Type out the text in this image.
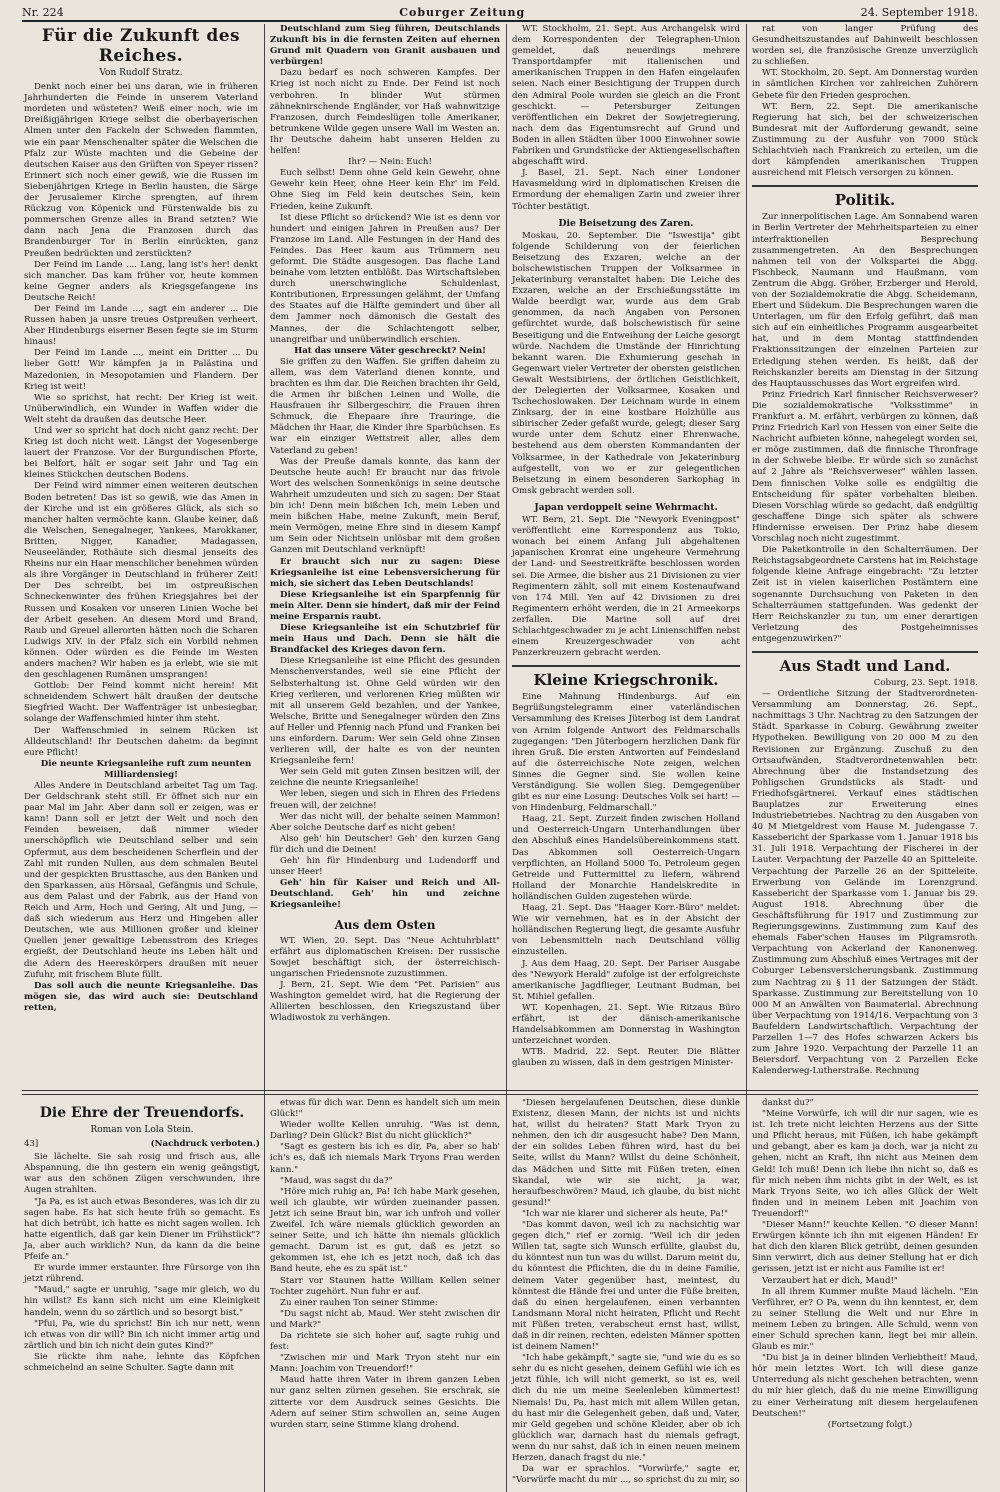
Nr. 224	Coburger Zeitung	24. September 1918.
Für die Zukunft des Reiches.
Von Rudolf Stratz.

Denkt noch einer bei uns daran, wie in früheren Jahrhunderten die Feinde in unserem Vaterland mordeten und wüsteten? Weiß einer noch, wie im Dreißigjährigen Kriege selbst die oberbayerischen Almen unter den Fackeln der Schweden flammten, wie ein paar Menschenalter später die Welschen die Pfalz zur Wüste machten und die Gebeine der deutschen Kaiser aus den Grüften von Speyer rissen? Erinnert sich noch einer gewiß, wie die Russen im Siebenjährigen Kriege in Berlin hausten, die Särge der Jerusalemer Kirche sprengten, auf ihrem Rückzug von Köpenick und Fürstenwalde bis zu pommerschen Grenze alles in Brand setzten? Wie dann nach Jena die Franzosen durch das Brandenburger Tor in Berlin einrückten, ganz Preußen bedrückten und zerstückten?

Der Feind im Lande .... Lang, lang ist's her! denkt sich mancher. Das kam früher vor, heute kommen keine Gegner anders als Kriegsgefangene ins Deutsche Reich!

Der Feind im Lande ..., sagt ein anderer ... Die Russen haben ja unsre treues Ostpreußen verheert. Aber Hindenburgs eiserner Besen fegte sie im Sturm hinaus!

Der Feind im Lande ..., meint ein Dritter ... Du lieber Gott! Wir kämpfen ja in Palästina und Mazedonien, in Mesopotamien und Flandern. Der Krieg ist weit!

Wie so sprichst, hat recht: Der Krieg ist weit. Unüberwindlich, ein Wunder in Waffen wider die Welt steht da draußen das deutsche Heer.

Und wer so spricht hat doch nicht ganz recht: Der Krieg ist doch nicht weit. Längst der Vogesenberge lauert der Franzose. Vor der Burgundischen Pforte, bei Belfort, hält er sogar seit Jahr und Tag ein kleines Stückchen deutschen Bodens.

Der Feind wird nimmer einen weiteren deutschen Boden betreten! Das ist so gewiß, wie das Amen in der Kirche und ist ein größeres Glück, als sich so mancher halten vermöchte kann. Glaube keiner, daß die Welschen, Senegalneger, Yankees, Marokkaner, Britten, Nigger, Kanadier, Madagassen, Neuseeländer, Rothäute sich diesmal jenseits des Rheins nur ein Haar menschlicher benehmen würden als ihre Vorgänger in Deutschland in früherer Zeit! Der Des schreibt, bei im ostpreußischen Schneckenwinter des frühen Kriegsjahres bei der Russen und Kosaken vor unseren Linien Woche bei der Arbeit gesehen. An diesem Mord und Brand, Raub und Greuel allerorten hätten noch die Scharen Ludwigs XIV. in der Pfalz sich ein Vorbild nehmen können. Oder würden es die Feinde im Westen anders machen? Wir haben es ja erlebt, wie sie mit den geschlagenen Rumänen umsprangen!

Gottlob: Der Feind kommt nicht herein! Mit schneidendem Schwert hält draußen der deutsche Siegfried Wacht. Der Waffenträger ist unbesiegbar, solange der Waffenschmied hinter ihm steht.

Der Waffenschmied in seinem Rücken ist Alldeutschland! Ihr Deutschen daheim: da beginnt eure Pflicht!

Die neunte Kriegsanleihe ruft zum neunten Milliardensieg!

Alles Andere in Deutschland arbeitet Tag um Tag. Der Geldschrank steht still. Er öffnet sich nur ein paar Mal im Jahr. Aber dann soll er zeigen, was er kann! Dann soll er jetzt der Welt und noch den Feinden beweisen, daß nimmer wieder unerschöpflich wie Deutschland selber und sein Opfermut, aus dem bescheidenen Scherflein und der Zahl mit runden Nullen, aus dem schmalen Beutel und der gespickten Brusttasche, aus den Banken und den Sparkassen, aus Hörsaal, Gefängnis und Schule, aus dem Palast und der Fabrik, aus der Hand von Reich und Arm, Hoch und Gering, Alt und Jung, — daß sich wiederum aus Herz und Hingeben aller Deutschen, wie aus Millionen großer und kleiner Quellen jener gewaltige Lebensstrom des Krieges ergießt, der Deutschland heute ins Leben hält und die Adern des Heereskörpers draußen mit neuer Zufuhr, mit frischem Blute füllt.

Das soll auch die neunte Kriegsanleihe. Das mögen sie, das wird auch sie: Deutschland retten,

Deutschland zum Sieg führen, Deutschlands Zukunft bis in die fernsten Zeiten auf ehernen Grund mit Quadern von Granit ausbauen und verbürgen!

Dazu bedarf es noch schweren Kampfes. Der Krieg ist noch nicht zu Ende. Der Feind ist noch verbohren. In blinder Wut stürmen zähneknirschende Engländer, vor Haß wahnwitzige Franzosen, durch Feindeslügen tolle Amerikaner, betrunkene Wilde gegen unsere Wall im Westen an. Ihr Deutsche daheim habt unseren Helden zu helfen!

Ihr? — Nein: Euch!

Euch selbst! Denn ohne Geld kein Gewehr, ohne Gewehr kein Heer, ohne Heer kein Ehr' im Feld. Ohne Sieg im Feld kein deutsches Sein, kein Frieden, keine Zukunft.

Ist diese Pflicht so drückend? Wie ist es denn vor hundert und einigen Jahren in Preußen aus? Der Franzose im Land. Alle Festungen in der Hand des Feindes. Das Heer kaum aus Trümmern neu geformt. Die Städte ausgesogen. Das flache Land beinahe vom letzten entblößt. Das Wirtschaftsleben durch unerschwingliche Schuldenlast, Kontributionen, Erpressungen gelähmt, der Umfang des Staates auf die Hälfte gemindert und über all dem Jammer noch dämonisch die Gestalt des Mannes, der die Schlachtengott selber, unangreifbar und unüberwindlich erschien.

Hat das unsere Väter geschreckt? Nein!

Sie griffen zu den Waffen. Sie griffen daheim zu allem, was dem Vaterland dienen konnte, und brachten es ihm dar. Die Reichen brachten ihr Geld, die Armen ihr bißchen Leinen und Wolle, die Hausfrauen ihr Silbergeschirr, die Frauen ihren Schmuck, die Ehepaare ihre Trauringe, die Mädchen ihr Haar, die Kinder ihre Sparbüchsen. Es war ein einziger Wettstreit aller, alles dem Vaterland zu geben!

Was der Preuße damals konnte, das kann der Deutsche heute auch! Er braucht nur das frivole Wort des welschen Sonnenkönigs in seine deutsche Wahrheit umzudeuten und sich zu sagen: Der Staat bin ich! Denn mein bißchen Ich, mein Leben und mein bißchen Habe, meine Zukunft, mein Beruf, mein Vermögen, meine Ehre sind in diesem Kampf um Sein oder Nichtsein unlösbar mit dem großen Ganzen mit Deutschland verknüpft!

Er braucht sich nur zu sagen: Diese Kriegsanleihe ist eine Lebensversicherung für mich, sie sichert das Leben Deutschlands!

Diese Kriegsanleihe ist ein Sparpfennig für mein Alter. Denn sie hindert, daß mir der Feind meine Ersparnis raubt.

Diese Kriegsanleihe ist ein Schutzbrief für mein Haus und Dach. Denn sie hält die Brandfackel des Krieges davon fern.

Diese Kriegsanleihe ist eine Pflicht des gesunden Menschenverstandes, weil sie eine Pflicht der Selbsterhaltung ist. Ohne Geld würden wir den Krieg verlieren, und verlorenen Krieg müßten wir mit all unserem Geld bezahlen, und der Yankee, Welsche, Britte und Senegalneger würden den Zins auf Heller und Pfennig nach Pfund und Franken bei uns einfordern. Darum: Wer sein Geld ohne Zinsen verlieren will, der halte es von der neunten Kriegsanleihe fern!

Wer sein Geld mit guten Zinsen besitzen will, der zeichne die neunte Kriegsanleihe!

Wer leben, siegen und sich in Ehren des Friedens freuen will, der zeichne!

Wer das nicht will, der behalte seinen Mammon! Aber solche Deutsche darf es nicht geben!

Also geh' hin Deutscher! Geh' den kurzen Gang für dich und die Deinen!

Geh' hin für Hindenburg und Ludendorff und unser Heer!

Geh' hin für Kaiser und Reich und All-Deutschland. Geh' hin und zeichne Kriegsanleihe!

Aus dem Osten

WT. Wien, 20. Sept. Das "Neue Achtuhrblatt" erfährt aus diplomatischen Kreisen: Der russische Sowjet beschäftigt sich, der österreichisch-ungarischen Friedensnote zuzustimmen.

J. Bern, 21. Sept. Wie dem "Pet. Parisien" aus Washington gemeldet wird, hat die Regierung der Alliierten beschlossen, den Kriegszustand über Wladiwostok zu verhängen.

WT. Stockholm, 21. Sept. Aus Archangelsk wird dem Korrespondenten der Telegraphen-Union gemeldet, daß neuerdings mehrere Transportdampfer mit italienischen und amerikanischen Truppen in den Hafen eingelaufen seien. Nach einer Besichtigung der Truppen durch den Admiral Poole wurden sie gleich an die Front geschickt. — Petersburger Zeitungen veröffentlichen ein Dekret der Sowjetregierung, nach dem das Eigentumsrecht auf Grund und Boden in allen Städten über 1000 Einwohner sowie Fabriken und Grundstücke der Aktiengesellschaften abgeschafft wird.

J. Basel, 21. Sept. Nach einer Londoner Havasmeldung wird in diplomatischen Kreisen die Ermordung der ehemaligen Zarin und zweier ihrer Töchter bestätigt.

Die Beisetzung des Zaren.

Moskau, 20. September. Die "Iswestija" gibt folgende Schilderung von der feierlichen Beisetzung des Exzaren, welche an der bolschewistischen Truppen der Volksarmee in Jekaterinburg veranstaltet haben: Die Leiche des Exzaren, welche an der Erschießungsstätte im Walde beerdigt war, wurde aus dem Grab genommen, da nach Angaben von Personen gefürchtet wurde, daß bolschewistisch für seine Beseitigung und die Entweihung der Leiche gesorgt würde. Nachdem die Umstände der Hinrichtung bekannt waren. Die Exhumierung geschah in Gegenwart vieler Vertreter der obersten geistlichen Gewalt Westsibiriens, der örtlichen Geistlichkeit, der Delegierten der Volksarmee, Kosaken und Tschechoslowaken. Der Leichnam wurde in einem Zinksarg, der in eine kostbare Holzhülle aus sibirischer Zeder gefaßt wurde, gelegt; dieser Sarg wurde unter dem Schutz einer Ehrenwache, bestehend aus dem obersten Kommandanten der Volksarmee, in der Kathedrale von Jekaterinburg aufgestellt, von wo er zur gelegentlichen Beisetzung in einem besonderen Sarkophag in Omsk gebracht werden soll.

Japan verdoppelt seine Wehrmacht.

WT. Bern, 21. Sept. Die "Newyork Eveningpost" veröffentlicht eine Korrespondenz aus Tokio, wonach bei einem Anfang Juli abgehaltenen japanischen Kronrat eine ungeheure Vermehrung der Land- und Seestreitkräfte beschlossen worden sei. Die Armee, die bisher aus 21 Divisionen zu vier Regimentern zählt, soll mit einem Kostenaufwand von 174 Mill. Yen auf 42 Divisionen zu drei Regimentern erhöht werden, die in 21 Armeekorps zerfallen. Die Marine soll auf drei Schlachtgeschwader zu je acht Linienschiffen nebst einem Kreuzergeschwader von acht Panzerkreuzern gebracht werden.

Kleine Kriegschronik.

Eine Mahnung Hindenburgs. Auf ein Begrüßungstelegramm einer vaterländischen Versammlung des Kreises Jüterbog ist dem Landrat von Arnim folgende Antwort des Feldmarschalls zugegangen: "Den Jüterbogern herzlichen Dank für ihren Gruß. Die ersten Antworten auf Feindesland auf die österreichische Note zeigen, welchen Sinnes die Gegner sind. Sie wollen keine Verständigung. Sie wollen Sieg. Demgegenüber gibt es nur eine Losung: Deutsches Volk sei hart! — von Hindenburg, Feldmarschall."

Haag, 21. Sept. Zurzeit finden zwischen Holland und Oesterreich-Ungarn Unterhandlungen über den Abschluß eines Handelsübereinkommens statt. Das Abkommen soll Oesterreich-Ungarn verpflichten, an Holland 5000 To. Petroleum gegen Getreide und Futtermittel zu liefern, während Holland der Monarchie Handelskredite in holländischen Gulden zugestehen würde.

Haag, 21. Sept. Das "Haager Korr.-Büro" meldet: Wie wir vernehmen, hat es in der Absicht der holländischen Regierung liegt, die gesamte Ausfuhr von Lebensmitteln nach Deutschland völlig einzustellen.

J. Aus dem Haag, 20. Sept. Der Pariser Ausgabe des "Newyork Herald" zufolge ist der erfolgreichste amerikanische Jagdflieger, Leutnant Budman, bei St. Mihiel gefallen.

WT. Kopenhagen, 21. Sept. Wie Ritzaus Büro erfährt, ist der dänisch-amerikanische Handelsabkommen am Donnerstag in Washington unterzeichnet worden.

WTB. Madrid, 22. Sept. Reuter. Die Blätter glauben zu wissen, daß in dem gestrigen Minister-

rat von langer Prüfung des Gesundheitszustandes auf Dahinweilt beschlossen worden sei, die französische Grenze unverzüglich zu schließen.

WT. Stockholm, 20. Sept. Am Donnerstag wurden in sämtlichen Kirchen vor zahlreichen Zuhörern Gebete für den Frieden gesprochen.

WT. Bern, 22. Sept. Die amerikanische Regierung hat sich, bei der schweizerischen Bundesrat mit der Aufforderung gewandt, seine Zustimmung zu der Ausfuhr von 7000 Stück Schlachtvieh nach Frankreich zu erteilen, um die dort kämpfenden amerikanischen Truppen ausreichend mit Fleisch versorgen zu können.

Politik.

Zur innerpolitischen Lage. Am Sonnabend waren in Berlin Vertreter der Mehrheitsparteien zu einer interfraktionellen Besprechung zusammengetreten. An den Besprechungen nahmen teil von der Volkspartei die Abgg. Fischbeck, Naumann und Haußmann, vom Zentrum die Abgg. Gröber, Erzberger und Herold, von der Sozialdemokratie die Abgg. Scheidemann, Ebert und Südekum. Die Besprechungen waren die Unterlagen, um für den Erfolg geführt, daß man sich auf ein einheitliches Programm ausgearbeitet hat, und in dem Montag stattfindenden Fraktionssitzungen der einzelnen Parteien zur Erledigung stehen werden. Es heißt, daß der Reichskanzler bereits am Dienstag in der Sitzung des Hauptausschusses das Wort ergreifen wird.

Prinz Friedrich Karl finnischer Reichsverweser? Die sozialdemokratische "Volksstimme" in Frankfurt a. M. erfährt, verbürgen zu können, daß Prinz Friedrich Karl von Hessen von einer Seite die Nachricht aufbieten könne, nahegelegt worden sei, er möge zustimmen, daß die finnische Thronfrage in der Schwebe bleibe. Er würde sich so zunächst auf 2 Jahre als "Reichsverweser" wählen lassen. Dem finnischen Volke solle es endgültig die Entscheidung für später vorbehalten bleiben. Diesen Vorschlag würde so gedacht, daß endgültig geschaffene Dinge sich später als schwere Hindernisse erweisen. Der Prinz habe diesem Vorschlag noch nicht zugestimmt.

Die Paketkontrolle in den Schalterräumen. Der Reichstagsabgeordnete Carstens hat im Reichstage folgende kleine Anfrage eingebracht: "Zu letzter Zeit ist in vielen kaiserlichen Postämtern eine sogenannte Durchsuchung von Paketen in den Schalterräumen stattgefunden. Was gedenkt der Herr Reichskanzler zu tun, um einer derartigen Verletzung des Postgeheimnisses entgegenzuwirken?"

Aus Stadt und Land.

Coburg, 23. Sept. 1918.

— Ordentliche Sitzung der Stadtverordneten-Versammlung am Donnerstag, 26. Sept., nachmittags 3 Uhr. Nachtrag zu den Satzungen der Städt. Sparkasse in Coburg. Gewährung zweiter Hypotheken. Bewilligung von 20 000 M zu den Revisionen zur Ergänzung. Zuschuß zu den Ortsaufwänden, Stadtverordnetenwahlen betr. Abrechnung über die Instandsetzung des Pohligschen Grundstücks als Stadt- und Friedhofsgärtnerei. Verkauf eines städtischen Bauplatzes zur Erweiterung eines Industriebetriebes. Nachtrag zu den Ausgaben von 40 M Mietgeldrest vom Hause M. Judengasse 7. Kassebericht der Sparkasse vom 1. Januar 1918 bis 31. Juli 1918. Verpachtung der Fischerei in der Lauter. Verpachtung der Parzelle 40 an Spitteleite. Verpachtung der Parzelle 26 an der Spitteleite. Erwerbung von Gelände im Lorenzgrund. Kassebericht der Sparkasse vom 1. Januar bis 29. August 1918. Abrechnung über die Geschäftsführung für 1917 und Zustimmung zur Regierungsgewinns. Zustimmung zum Kauf des ehemals Faber'schen Hauses im Pilgramsroth. Verpachtung von Ackerland der Kanonenweg. Zustimmung zum Abschluß eines Vertrages mit der Coburger Lebensversicherungsbank. Zustimmung zum Nachtrag zu § 11 der Satzungen der Städt. Sparkasse. Zustimmung zur Bereitstellung von 10 000 M an Anwälten von Baumaterial. Abrechnung über Verpachtung von 1914/16. Verpachtung von 3 Baufeldern Landwirtschaftlich. Verpachtung der Parzellen 1—7 des Hofes schwarzen Ackers bis zum Jahre 1920. Verpachtung der Parzelle 11 an Beiersdorf. Verpachtung von 2 Parzellen Ecke Kalenderweg-Lutherstraße. Rechnung

Die Ehre der Treuendorfs.
Roman von Lola Stein.
43]	(Nachdruck verboten.)

Sie lächelte. Sie sah rosig und frisch aus, alle Abspannung, die ihn gestern ein wenig geängstigt, war aus den schönen Zügen verschwunden, ihre Augen strahlten.

"Ja Pa, es ist auch etwas Besonderes, was ich dir zu sagen habe. Es hat sich heute früh so gemacht. Es hat dich betrübt, ich hatte es nicht sagen wollen. Ich hatte eigentlich, daß gar kein Diener im Frühstück"? Ja, aber auch wirklich? Nun, da kann da die beine Pfeife an."

Er wurde immer erstaunter. Ihre Fürsorge von ihn jetzt rührend.

"Maud," sagte er unruhig, "sage mir gleich, wo du hin willst? Es kann sich nicht um eine Kleinigkeit handeln, wenn du so zärtlich und so besorgt bist."

"Pfui, Pa, wie du sprichst! Bin ich nur nett, wenn ich etwas von dir will? Bin ich nicht immer artig und zärtlich und bin ich nicht dein gutes Kind?"

Sie rückte ihm nahe, lehnte das Köpfchen schmeichelnd an seine Schulter. Sagte dann mit

etwas für dich war. Denn es handelt sich um mein Glück!"

Wieder wollte Kellen unruhig. "Was ist denn, Darling? Dein Glück? Bist du nicht glücklich?"

"Sagt es gestern bis ich es dir, Pa, aber so hab' ich's es, daß ich niemals Mark Tryons Frau werden kann."

"Maud, was sagst du da?"

"Höre mich ruhig an, Pa! Ich habe Mark gesehen, weil ich glaubte, wir würden zueinander passen. Jetzt ich seine Braut bin, war ich unfroh und voller Zweifel. Ich wäre niemals glücklich geworden an seiner Seite, und ich hätte ihn niemals glücklich gemacht. Darum ist es gut, daß es jetzt so gekommen ist, ehe ich es jetzt noch, daß ich das Band heute, ehe es zu spät ist."

Starr vor Staunen hatte William Kellen seiner Tochter zugehört. Nun fuhr er auf.

Zu einer rauhen Ton seiner Stimme:

"Du sagst nicht ab, Maud. Wer steht zwischen dir und Mark?"

Da richtete sie sich hoher auf, sagte ruhig und fest:

"Zwischen mir und Mark Tryon steht nur ein Mann: Joachim von Treuendorf!"

Maud hatte ihren Vater in ihrem ganzen Leben nur ganz selten zürnen gesehen. Sie erschrak, sie zitterte vor dem Ausdruck seines Gesichts. Die Adern auf seiner Stirn schwollen an, seine Augen wurden starr, seine Stimme klang drohend.

"Diesen hergelaufenen Deutschen, diese dunkle Existenz, diesen Mann, der nichts ist und nichts hat, willst du heiraten? Statt Mark Tryon zu nehmen, den ich dir ausgesucht habe? Den Mann, der ein solides Leben führen wird, hast du bei Seite, willst du Mann? Willst du deine Schönheit, das Mädchen und Sitte mit Füßen treten, einen Skandal, wie wir sie nicht, ja war, heraufbeschwören? Maud, ich glaube, du bist nicht gesund!"

"Ich war nie klarer und sicherer als heute, Pa!"

"Das kommt davon, weil ich zu nachsichtig war gegen dich," rief er zornig. "Weil ich dir jeden Willen tat, sagte sich Wunsch erfüllte, glaubst du, du könntest nun tun was du willst. Darum meint du, du könntest die Pflichten, die du in deine Familie, deinem Vater gegenüber hast, meintest, du könntest die Hände frei und unter die Füße breiten, daß du einen hergelaufenen, einen verbannten Landsmann Moral nicht heiraten, Pflicht und Recht mit Füßen treten, verabscheut ernst hast, willst, daß in dir reinen, rechten, edelsten Männer spotten ist deinem Namen!"

"Ich habe gekämpft," sagte sie, "und wie du es so sehr du es nicht gesehen, deinem Gefühl wie ich es jetzt fühle, ich will nicht gemerkt, so ist es, weil dich du nie um meine Seelenleben kümmertest! Niemals! Du, Pa, hast mich mit allem Willen getan, du hast mir die Gelegenheit geben, daß und, Vater, mir Geld gegeben und schöne Kleider, aber ob ich glücklich war, darnach hast du niemals gefragt, wenn du nur sahst, daß ich in einen neuen meinem Herzen, danach fragst du nie."

Da war er sprachlos. "Vorwürfe," sagte er, "Vorwürfe macht du mir ..., so sprichst du zu mir, so

dankst du?"

"Meine Vorwürfe, ich will dir nur sagen, wie es ist. Ich trete nicht leichten Herzens aus der Sitte und Pflicht heraus, mit Füßen, ich habe gekämpft und gebangt, aber es kam ja doch, war ja nicht zu gehen, nicht an Kraft, ihn nicht aus Meinen dem Geld! Ich muß! Denn ich liebe ihn nicht so, daß es für mich neben ihm nichts gibt in der Welt, es ist Mark Tryons Seite, wo ich alles Glück der Welt finden und in meinem Leben mit Joachim von Treuendorf!"

"Dieser Mann!" keuchte Kellen. "O dieser Mann! Erwürgen könnte ich ihn mit eigenen Händen! Er hat dich den klaren Blick getrübt, deinen gesunden Sinn verwirrt, dich aus deiner Stellung hat er dich gerissen, jetzt ist er nicht aus Familie ist er!

Verzaubert hat er dich, Maud!"

In all ihrem Kummer mußte Maud lächeln. "Ein Verführer, er? O Pa, wenn du ihn kenntest, er, dem zu seiner Stellung die Welt und nur Ehre in meinem Leben zu bringen. Alle Schuld, wenn von einer Schuld sprechen kann, liegt bei mir allein. Glaub es mir."

"Du bist ja in deiner blinden Verliebtheit! Maud, hör mein letztes Wort. Ich will diese ganze Unterredung als nicht geschehen betrachten, wenn du mir hier gleich, daß du nie meine Einwilligung zu einer Verheiratung mit diesem hergelaufenen Deutschen!"

(Fortsetzung folgt.)
